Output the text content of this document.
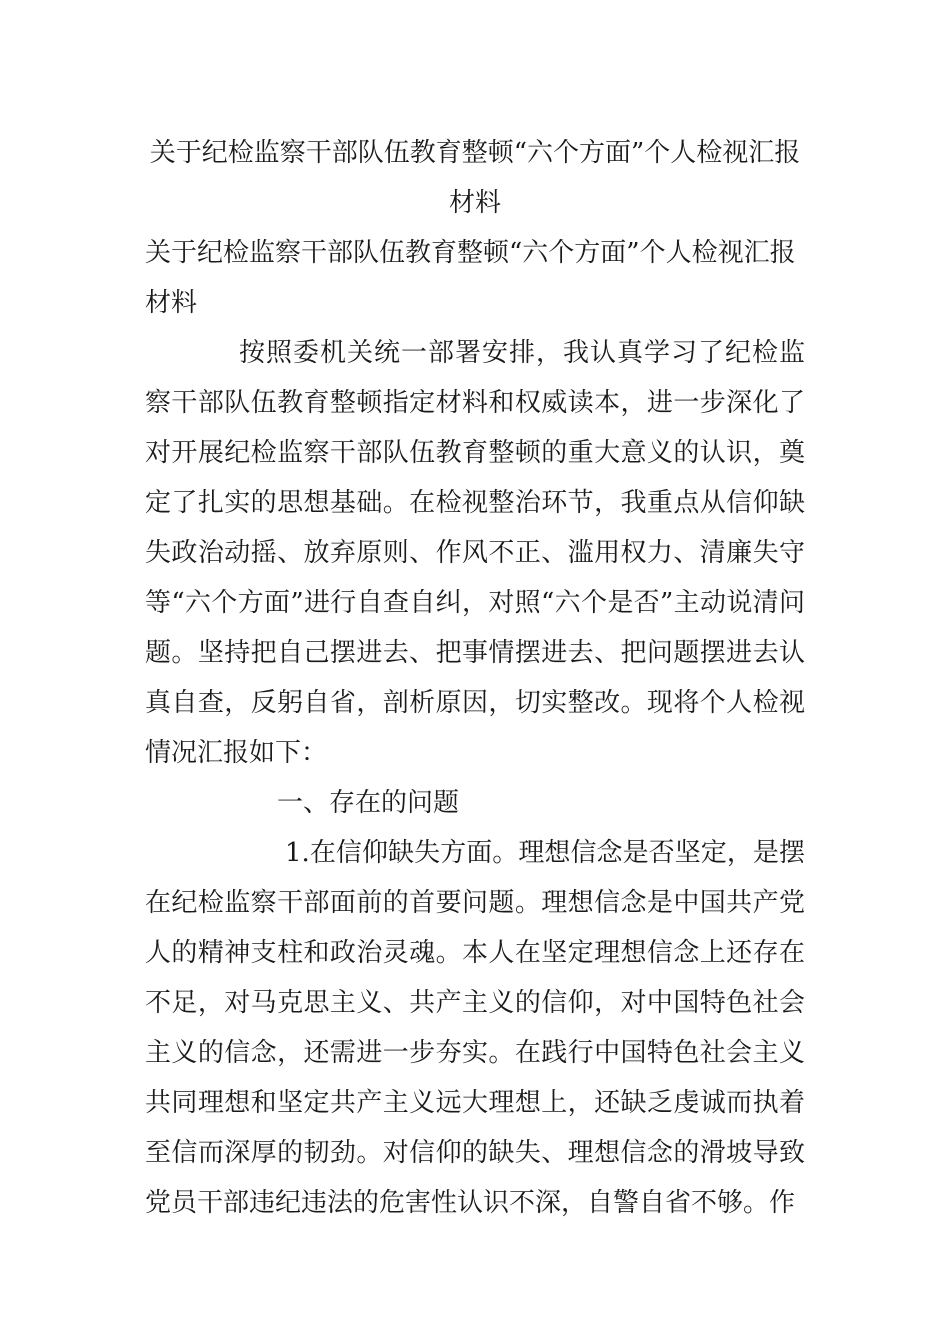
关于纪检监察干部队伍教育整顿“六个方面”个人检视汇报材料

关于纪检监察干部队伍教育整顿“六个方面”个人检视汇报材料

按照委机关统一部署安排，我认真学习了纪检监察干部队伍教育整顿指定材料和权威读本，进一步深化了对开展纪检监察干部队伍教育整顿的重大意义的认识，奠定了扎实的思想基础。在检视整治环节，我重点从信仰缺失政治动摇、放弃原则、作风不正、滥用权力、清廉失守等“六个方面”进行自查自纠，对照“六个是否”主动说清问题。坚持把自己摆进去、把事情摆进去、把问题摆进去认真自查，反躬自省，剖析原因，切实整改。现将个人检视情况汇报如下：

一、存在的问题

1.在信仰缺失方面。理想信念是否坚定，是摆在纪检监察干部面前的首要问题。理想信念是中国共产党人的精神支柱和政治灵魂。本人在坚定理想信念上还存在不足，对马克思主义、共产主义的信仰，对中国特色社会主义的信念，还需进一步夯实。在践行中国特色社会主义共同理想和坚定共产主义远大理想上，还缺乏虔诚而执着至信而深厚的韧劲。对信仰的缺失、理想信念的滑坡导致党员干部违纪违法的危害性认识不深，自警自省不够。作
